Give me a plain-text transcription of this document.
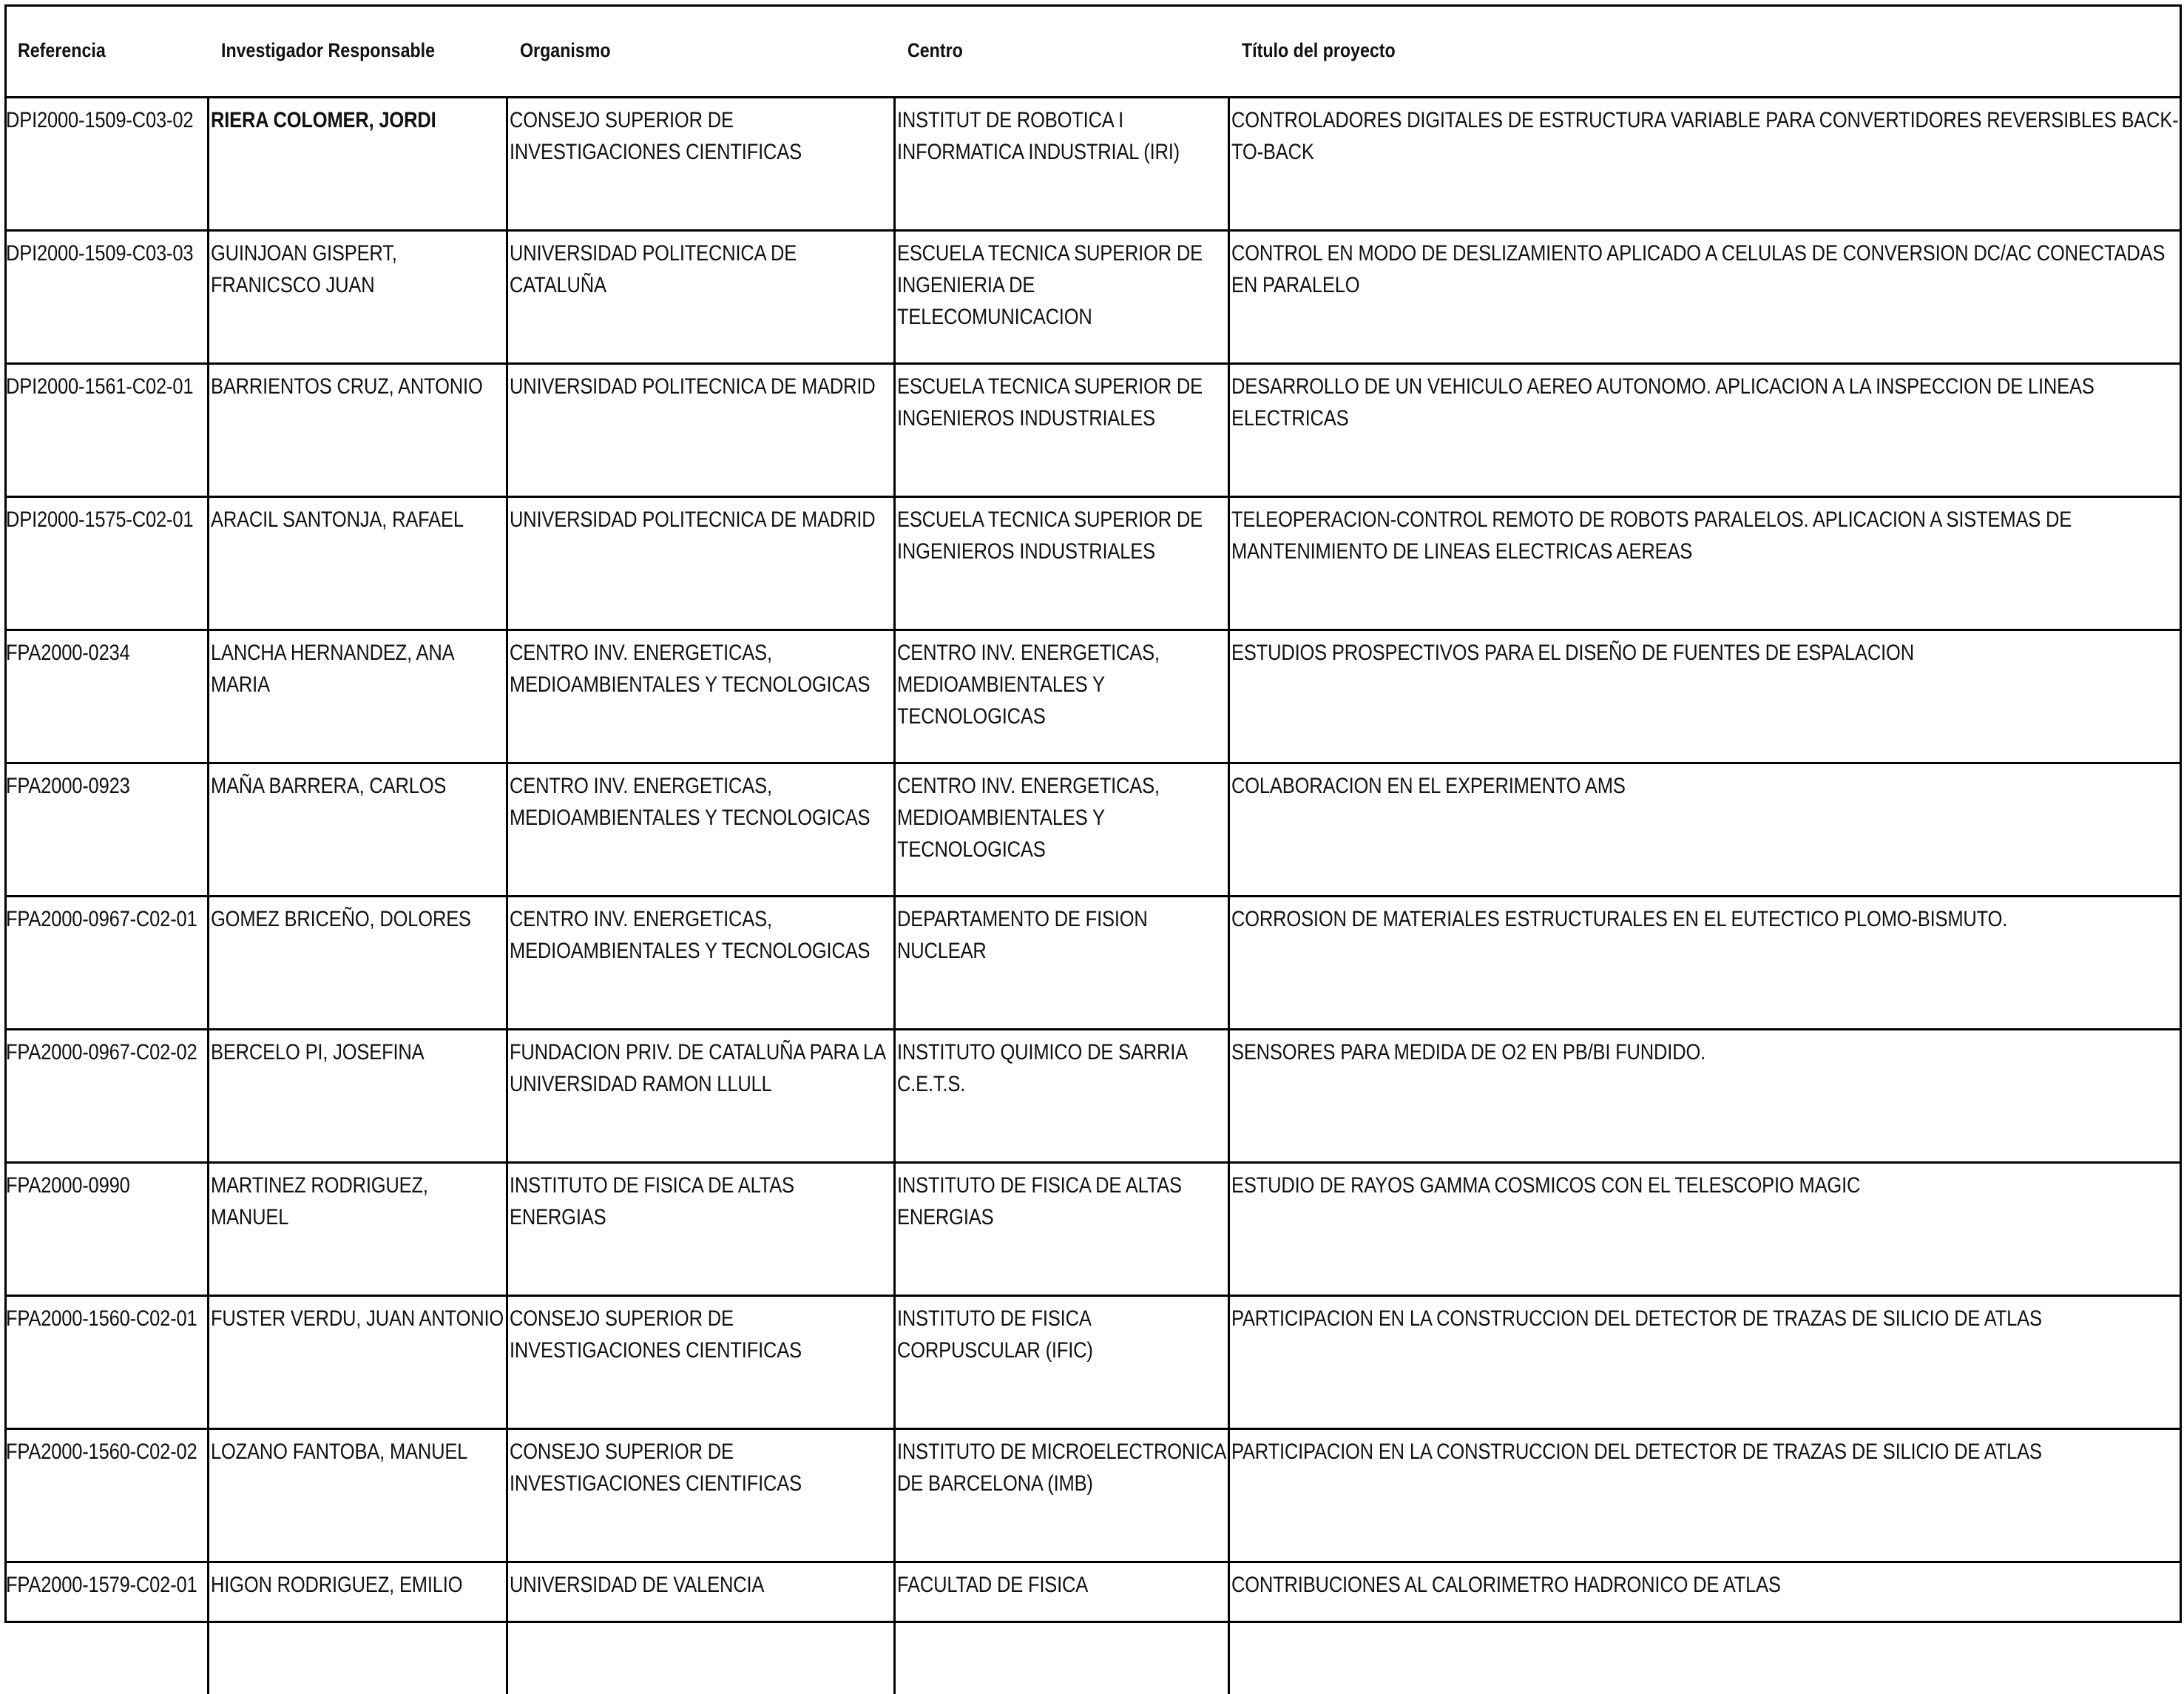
Referencia	Investigador Responsable	Organismo	Centro	Título del proyecto

DPI2000-1509-C03-02	RIERA COLOMER, JORDI	CONSEJO SUPERIOR DE INVESTIGACIONES CIENTIFICAS	INSTITUT DE ROBOTICA I INFORMATICA INDUSTRIAL (IRI)	CONTROLADORES DIGITALES DE ESTRUCTURA VARIABLE PARA CONVERTIDORES REVERSIBLES BACK-TO-BACK

DPI2000-1509-C03-03	GUINJOAN GISPERT, FRANICSCO JUAN	UNIVERSIDAD POLITECNICA DE CATALUÑA	ESCUELA TECNICA SUPERIOR DE INGENIERIA DE TELECOMUNICACION	CONTROL EN MODO DE DESLIZAMIENTO APLICADO A CELULAS DE CONVERSION DC/AC CONECTADAS EN PARALELO

DPI2000-1561-C02-01	BARRIENTOS CRUZ, ANTONIO	UNIVERSIDAD POLITECNICA DE MADRID	ESCUELA TECNICA SUPERIOR DE INGENIEROS INDUSTRIALES	DESARROLLO DE UN VEHICULO AEREO AUTONOMO. APLICACION A LA INSPECCION DE LINEAS ELECTRICAS

DPI2000-1575-C02-01	ARACIL SANTONJA, RAFAEL	UNIVERSIDAD POLITECNICA DE MADRID	ESCUELA TECNICA SUPERIOR DE INGENIEROS INDUSTRIALES	TELEOPERACION-CONTROL REMOTO DE ROBOTS PARALELOS. APLICACION A SISTEMAS DE MANTENIMIENTO DE LINEAS ELECTRICAS AEREAS

FPA2000-0234	LANCHA HERNANDEZ, ANA MARIA	CENTRO INV. ENERGETICAS, MEDIOAMBIENTALES Y TECNOLOGICAS	CENTRO INV. ENERGETICAS, MEDIOAMBIENTALES Y TECNOLOGICAS	ESTUDIOS PROSPECTIVOS PARA EL DISEÑO DE FUENTES DE ESPALACION

FPA2000-0923	MAÑA BARRERA, CARLOS	CENTRO INV. ENERGETICAS, MEDIOAMBIENTALES Y TECNOLOGICAS	CENTRO INV. ENERGETICAS, MEDIOAMBIENTALES Y TECNOLOGICAS	COLABORACION EN EL EXPERIMENTO AMS

FPA2000-0967-C02-01	GOMEZ BRICEÑO, DOLORES	CENTRO INV. ENERGETICAS, MEDIOAMBIENTALES Y TECNOLOGICAS	DEPARTAMENTO DE FISION NUCLEAR	CORROSION DE MATERIALES ESTRUCTURALES EN EL EUTECTICO PLOMO-BISMUTO.

FPA2000-0967-C02-02	BERCELO PI, JOSEFINA	FUNDACION PRIV. DE CATALUÑA PARA LA UNIVERSIDAD RAMON LLULL	INSTITUTO QUIMICO DE SARRIA C.E.T.S.	SENSORES PARA MEDIDA DE O2 EN PB/BI FUNDIDO.

FPA2000-0990	MARTINEZ RODRIGUEZ, MANUEL	INSTITUTO DE FISICA DE ALTAS ENERGIAS	INSTITUTO DE FISICA DE ALTAS ENERGIAS	ESTUDIO DE RAYOS GAMMA COSMICOS CON EL TELESCOPIO MAGIC

FPA2000-1560-C02-01	FUSTER VERDU, JUAN ANTONIO	CONSEJO SUPERIOR DE INVESTIGACIONES CIENTIFICAS	INSTITUTO DE FISICA CORPUSCULAR (IFIC)	PARTICIPACION EN LA CONSTRUCCION DEL DETECTOR DE TRAZAS DE SILICIO DE ATLAS

FPA2000-1560-C02-02	LOZANO FANTOBA, MANUEL	CONSEJO SUPERIOR DE INVESTIGACIONES CIENTIFICAS	INSTITUTO DE MICROELECTRONICA DE BARCELONA (IMB)	PARTICIPACION EN LA CONSTRUCCION DEL DETECTOR DE TRAZAS DE SILICIO DE ATLAS

FPA2000-1579-C02-01	HIGON RODRIGUEZ, EMILIO	UNIVERSIDAD DE VALENCIA	FACULTAD DE FISICA	CONTRIBUCIONES AL CALORIMETRO HADRONICO DE ATLAS
